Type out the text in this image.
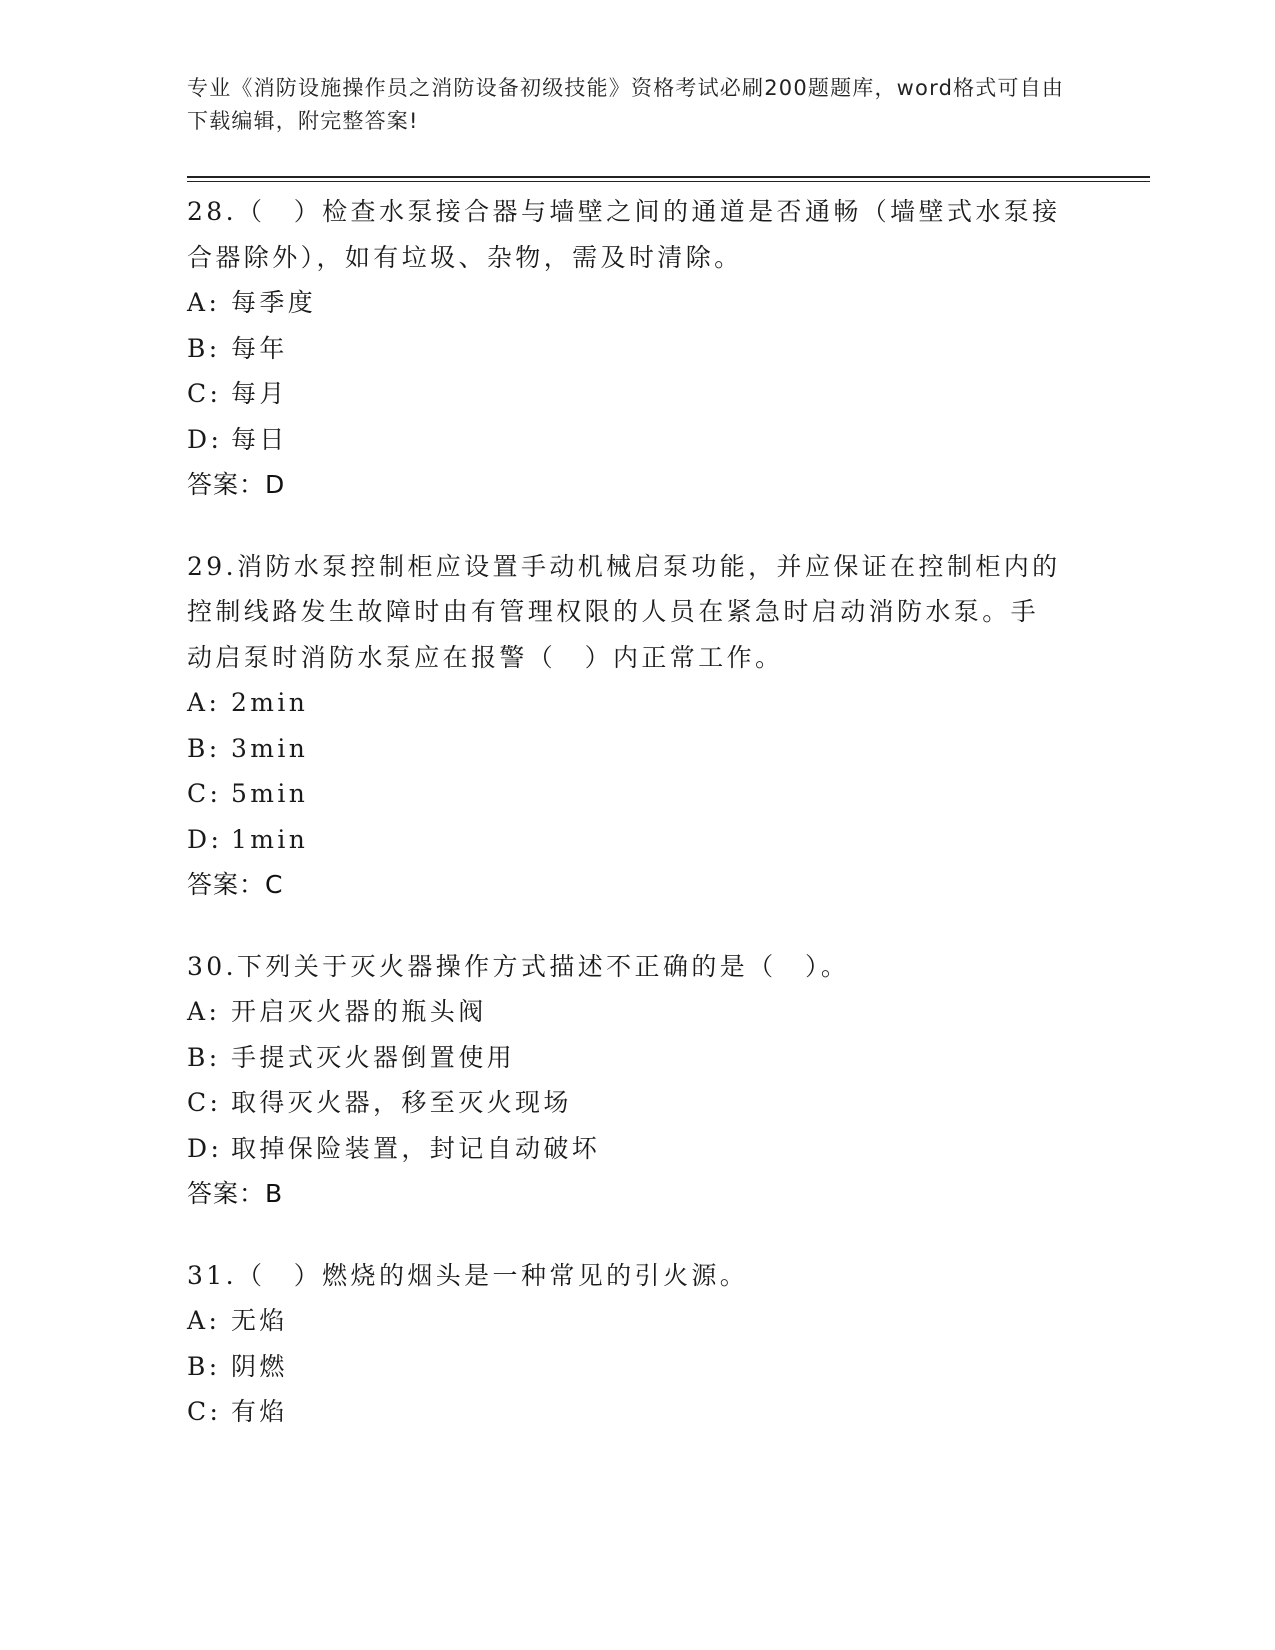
专业《消防设施操作员之消防设备初级技能》资格考试必刷200题题库，word格式可自由下载编辑，附完整答案!

28.（　）检查水泵接合器与墙壁之间的通道是否通畅（墙壁式水泵接合器除外），如有垃圾、杂物，需及时清除。

A: 每季度

B: 每年

C: 每月

D: 每日

答案：D

29.消防水泵控制柜应设置手动机械启泵功能，并应保证在控制柜内的控制线路发生故障时由有管理权限的人员在紧急时启动消防水泵。手动启泵时消防水泵应在报警（　）内正常工作。

A: 2min

B: 3min

C: 5min

D: 1min

答案：C

30.下列关于灭火器操作方式描述不正确的是（　）。

A: 开启灭火器的瓶头阀

B: 手提式灭火器倒置使用

C: 取得灭火器，移至灭火现场

D: 取掉保险装置，封记自动破坏

答案：B

31.（　）燃烧的烟头是一种常见的引火源。

A: 无焰

B: 阴燃

C: 有焰
